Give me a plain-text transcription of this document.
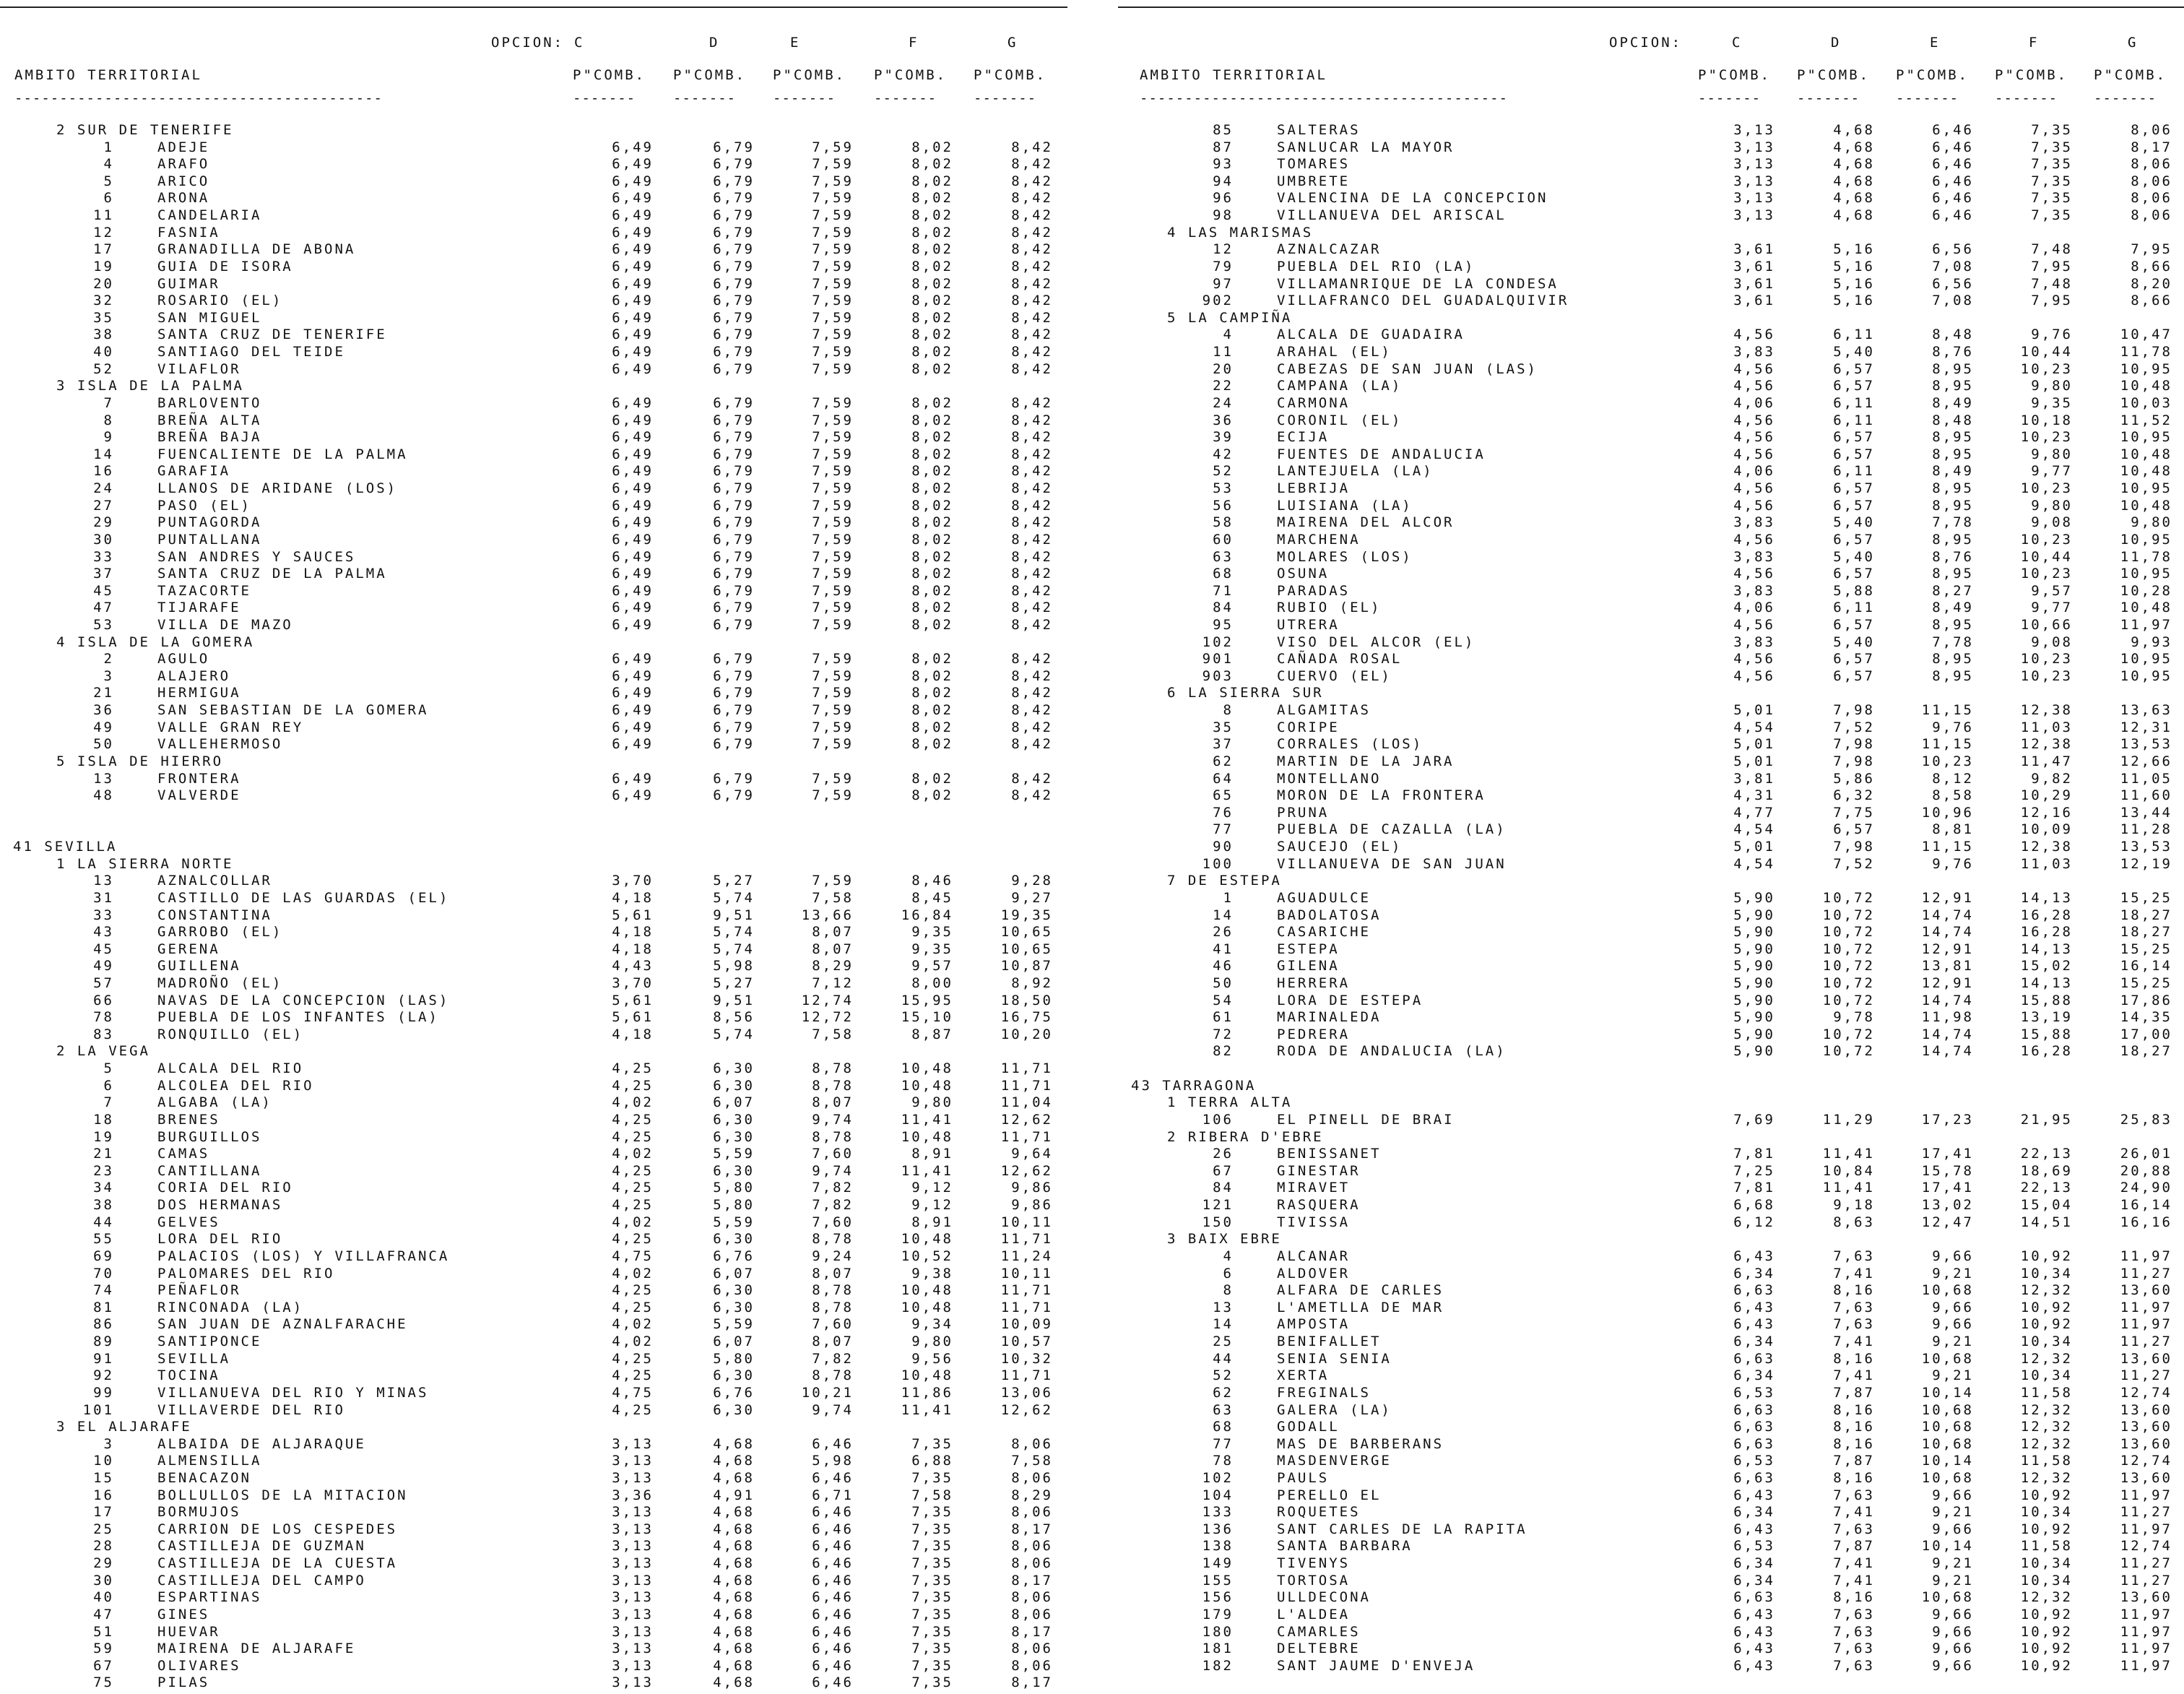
OPCION: C	D	E	F	G
AMBITO TERRITORIAL	P"COMB. P"COMB. P"COMB. P"COMB. P"COMB.
-----------------------------------------	-------	-------	-------	-------	-------
2 SUR DE TENERIFE
1	ADEJE	6,49	6,79	7,59	8,02	8,42
4	ARAFO	6,49	6,79	7,59	8,02	8,42
5	ARICO	6,49	6,79	7,59	8,02	8,42
6	ARONA	6,49	6,79	7,59	8,02	8,42
11	CANDELARIA	6,49	6,79	7,59	8,02	8,42
12	FASNIA	6,49	6,79	7,59	8,02	8,42
17	GRANADILLA DE ABONA	6,49	6,79	7,59	8,02	8,42
19	GUIA DE ISORA	6,49	6,79	7,59	8,02	8,42
20	GUIMAR	6,49	6,79	7,59	8,02	8,42
32	ROSARIO (EL)	6,49	6,79	7,59	8,02	8,42
35	SAN MIGUEL	6,49	6,79	7,59	8,02	8,42
38	SANTA CRUZ DE TENERIFE	6,49	6,79	7,59	8,02	8,42
40	SANTIAGO DEL TEIDE	6,49	6,79	7,59	8,02	8,42
52	VILAFLOR	6,49	6,79	7,59	8,02	8,42
3 ISLA DE LA PALMA
7	BARLOVENTO	6,49	6,79	7,59	8,02	8,42
8	BREÑA ALTA	6,49	6,79	7,59	8,02	8,42
9	BREÑA BAJA	6,49	6,79	7,59	8,02	8,42
14	FUENCALIENTE DE LA PALMA	6,49	6,79	7,59	8,02	8,42
16	GARAFIA	6,49	6,79	7,59	8,02	8,42
24	LLANOS DE ARIDANE (LOS)	6,49	6,79	7,59	8,02	8,42
27	PASO (EL)	6,49	6,79	7,59	8,02	8,42
29	PUNTAGORDA	6,49	6,79	7,59	8,02	8,42
30	PUNTALLANA	6,49	6,79	7,59	8,02	8,42
33	SAN ANDRES Y SAUCES	6,49	6,79	7,59	8,02	8,42
37	SANTA CRUZ DE LA PALMA	6,49	6,79	7,59	8,02	8,42
45	TAZACORTE	6,49	6,79	7,59	8,02	8,42
47	TIJARAFE	6,49	6,79	7,59	8,02	8,42
53	VILLA DE MAZO	6,49	6,79	7,59	8,02	8,42
4 ISLA DE LA GOMERA
2	AGULO	6,49	6,79	7,59	8,02	8,42
3	ALAJERO	6,49	6,79	7,59	8,02	8,42
21	HERMIGUA	6,49	6,79	7,59	8,02	8,42
36	SAN SEBASTIAN DE LA GOMERA	6,49	6,79	7,59	8,02	8,42
49	VALLE GRAN REY	6,49	6,79	7,59	8,02	8,42
50	VALLEHERMOSO	6,49	6,79	7,59	8,02	8,42
5 ISLA DE HIERRO
13	FRONTERA	6,49	6,79	7,59	8,02	8,42
48	VALVERDE	6,49	6,79	7,59	8,02	8,42
41 SEVILLA
1 LA SIERRA NORTE
13	AZNALCOLLAR	3,70	5,27	7,59	8,46	9,28
31	CASTILLO DE LAS GUARDAS (EL)	4,18	5,74	7,58	8,45	9,27
33	CONSTANTINA	5,61	9,51	13,66	16,84	19,35
43	GARROBO (EL)	4,18	5,74	8,07	9,35	10,65
45	GERENA	4,18	5,74	8,07	9,35	10,65
49	GUILLENA	4,43	5,98	8,29	9,57	10,87
57	MADROÑO (EL)	3,70	5,27	7,12	8,00	8,92
66	NAVAS DE LA CONCEPCION (LAS)	5,61	9,51	12,74	15,95	18,50
78	PUEBLA DE LOS INFANTES (LA)	5,61	8,56	12,72	15,10	16,75
83	RONQUILLO (EL)	4,18	5,74	7,58	8,87	10,20
2 LA VEGA
5	ALCALA DEL RIO	4,25	6,30	8,78	10,48	11,71
6	ALCOLEA DEL RIO	4,25	6,30	8,78	10,48	11,71
7	ALGABA (LA)	4,02	6,07	8,07	9,80	11,04
18	BRENES	4,25	6,30	9,74	11,41	12,62
19	BURGUILLOS	4,25	6,30	8,78	10,48	11,71
21	CAMAS	4,02	5,59	7,60	8,91	9,64
23	CANTILLANA	4,25	6,30	9,74	11,41	12,62
34	CORIA DEL RIO	4,25	5,80	7,82	9,12	9,86
38	DOS HERMANAS	4,25	5,80	7,82	9,12	9,86
44	GELVES	4,02	5,59	7,60	8,91	10,11
55	LORA DEL RIO	4,25	6,30	8,78	10,48	11,71
69	PALACIOS (LOS) Y VILLAFRANCA	4,75	6,76	9,24	10,52	11,24
70	PALOMARES DEL RIO	4,02	6,07	8,07	9,38	10,11
74	PEÑAFLOR	4,25	6,30	8,78	10,48	11,71
81	RINCONADA (LA)	4,25	6,30	8,78	10,48	11,71
86	SAN JUAN DE AZNALFARACHE	4,02	5,59	7,60	9,34	10,09
89	SANTIPONCE	4,02	6,07	8,07	9,80	10,57
91	SEVILLA	4,25	5,80	7,82	9,56	10,32
92	TOCINA	4,25	6,30	8,78	10,48	11,71
99	VILLANUEVA DEL RIO Y MINAS	4,75	6,76	10,21	11,86	13,06
101	VILLAVERDE DEL RIO	4,25	6,30	9,74	11,41	12,62
3 EL ALJARAFE
3	ALBAIDA DE ALJARAQUE	3,13	4,68	6,46	7,35	8,06
10	ALMENSILLA	3,13	4,68	5,98	6,88	7,58
15	BENACAZON	3,13	4,68	6,46	7,35	8,06
16	BOLLULLOS DE LA MITACION	3,36	4,91	6,71	7,58	8,29
17	BORMUJOS	3,13	4,68	6,46	7,35	8,06
25	CARRION DE LOS CESPEDES	3,13	4,68	6,46	7,35	8,17
28	CASTILLEJA DE GUZMAN	3,13	4,68	6,46	7,35	8,06
29	CASTILLEJA DE LA CUESTA	3,13	4,68	6,46	7,35	8,06
30	CASTILLEJA DEL CAMPO	3,13	4,68	6,46	7,35	8,17
40	ESPARTINAS	3,13	4,68	6,46	7,35	8,06
47	GINES	3,13	4,68	6,46	7,35	8,06
51	HUEVAR	3,13	4,68	6,46	7,35	8,17
59	MAIRENA DE ALJARAFE	3,13	4,68	6,46	7,35	8,06
67	OLIVARES	3,13	4,68	6,46	7,35	8,06
75	PILAS	3,13	4,68	6,46	7,35	8,17
OPCION:	C	D	E	F	G
AMBITO TERRITORIAL	P"COMB. P"COMB. P"COMB. P"COMB. P"COMB.
-----------------------------------------	-------	-------	-------	-------	-------
85	SALTERAS	3,13	4,68	6,46	7,35	8,06
87	SANLUCAR LA MAYOR	3,13	4,68	6,46	7,35	8,17
93	TOMARES	3,13	4,68	6,46	7,35	8,06
94	UMBRETE	3,13	4,68	6,46	7,35	8,06
96	VALENCINA DE LA CONCEPCION	3,13	4,68	6,46	7,35	8,06
98	VILLANUEVA DEL ARISCAL	3,13	4,68	6,46	7,35	8,06
4 LAS MARISMAS
12	AZNALCAZAR	3,61	5,16	6,56	7,48	7,95
79	PUEBLA DEL RIO (LA)	3,61	5,16	7,08	7,95	8,66
97	VILLAMANRIQUE DE LA CONDESA	3,61	5,16	6,56	7,48	8,20
902	VILLAFRANCO DEL GUADALQUIVIR	3,61	5,16	7,08	7,95	8,66
5 LA CAMPIÑA
4	ALCALA DE GUADAIRA	4,56	6,11	8,48	9,76	10,47
11	ARAHAL (EL)	3,83	5,40	8,76	10,44	11,78
20	CABEZAS DE SAN JUAN (LAS)	4,56	6,57	8,95	10,23	10,95
22	CAMPANA (LA)	4,56	6,57	8,95	9,80	10,48
24	CARMONA	4,06	6,11	8,49	9,35	10,03
36	CORONIL (EL)	4,56	6,11	8,48	10,18	11,52
39	ECIJA	4,56	6,57	8,95	10,23	10,95
42	FUENTES DE ANDALUCIA	4,56	6,57	8,95	9,80	10,48
52	LANTEJUELA (LA)	4,06	6,11	8,49	9,77	10,48
53	LEBRIJA	4,56	6,57	8,95	10,23	10,95
56	LUISIANA (LA)	4,56	6,57	8,95	9,80	10,48
58	MAIRENA DEL ALCOR	3,83	5,40	7,78	9,08	9,80
60	MARCHENA	4,56	6,57	8,95	10,23	10,95
63	MOLARES (LOS)	3,83	5,40	8,76	10,44	11,78
68	OSUNA	4,56	6,57	8,95	10,23	10,95
71	PARADAS	3,83	5,88	8,27	9,57	10,28
84	RUBIO (EL)	4,06	6,11	8,49	9,77	10,48
95	UTRERA	4,56	6,57	8,95	10,66	11,97
102	VISO DEL ALCOR (EL)	3,83	5,40	7,78	9,08	9,93
901	CAÑADA ROSAL	4,56	6,57	8,95	10,23	10,95
903	CUERVO (EL)	4,56	6,57	8,95	10,23	10,95
6 LA SIERRA SUR
8	ALGAMITAS	5,01	7,98	11,15	12,38	13,63
35	CORIPE	4,54	7,52	9,76	11,03	12,31
37	CORRALES (LOS)	5,01	7,98	11,15	12,38	13,53
62	MARTIN DE LA JARA	5,01	7,98	10,23	11,47	12,66
64	MONTELLANO	3,81	5,86	8,12	9,82	11,05
65	MORON DE LA FRONTERA	4,31	6,32	8,58	10,29	11,60
76	PRUNA	4,77	7,75	10,96	12,16	13,44
77	PUEBLA DE CAZALLA (LA)	4,54	6,57	8,81	10,09	11,28
90	SAUCEJO (EL)	5,01	7,98	11,15	12,38	13,53
100	VILLANUEVA DE SAN JUAN	4,54	7,52	9,76	11,03	12,19
7 DE ESTEPA
1	AGUADULCE	5,90	10,72	12,91	14,13	15,25
14	BADOLATOSA	5,90	10,72	14,74	16,28	18,27
26	CASARICHE	5,90	10,72	14,74	16,28	18,27
41	ESTEPA	5,90	10,72	12,91	14,13	15,25
46	GILENA	5,90	10,72	13,81	15,02	16,14
50	HERRERA	5,90	10,72	12,91	14,13	15,25
54	LORA DE ESTEPA	5,90	10,72	14,74	15,88	17,86
61	MARINALEDA	5,90	9,78	11,98	13,19	14,35
72	PEDRERA	5,90	10,72	14,74	15,88	17,00
82	RODA DE ANDALUCIA (LA)	5,90	10,72	14,74	16,28	18,27
43 TARRAGONA
1 TERRA ALTA
106	EL PINELL DE BRAI	7,69	11,29	17,23	21,95	25,83
2 RIBERA D'EBRE
26	BENISSANET	7,81	11,41	17,41	22,13	26,01
67	GINESTAR	7,25	10,84	15,78	18,69	20,88
84	MIRAVET	7,81	11,41	17,41	22,13	24,90
121	RASQUERA	6,68	9,18	13,02	15,04	16,14
150	TIVISSA	6,12	8,63	12,47	14,51	16,16
3 BAIX EBRE
4	ALCANAR	6,43	7,63	9,66	10,92	11,97
6	ALDOVER	6,34	7,41	9,21	10,34	11,27
8	ALFARA DE CARLES	6,63	8,16	10,68	12,32	13,60
13	L'AMETLLA DE MAR	6,43	7,63	9,66	10,92	11,97
14	AMPOSTA	6,43	7,63	9,66	10,92	11,97
25	BENIFALLET	6,34	7,41	9,21	10,34	11,27
44	SENIA SENIA	6,63	8,16	10,68	12,32	13,60
52	XERTA	6,34	7,41	9,21	10,34	11,27
62	FREGINALS	6,53	7,87	10,14	11,58	12,74
63	GALERA (LA)	6,63	8,16	10,68	12,32	13,60
68	GODALL	6,63	8,16	10,68	12,32	13,60
77	MAS DE BARBERANS	6,63	8,16	10,68	12,32	13,60
78	MASDENVERGE	6,53	7,87	10,14	11,58	12,74
102	PAULS	6,63	8,16	10,68	12,32	13,60
104	PERELLO EL	6,43	7,63	9,66	10,92	11,97
133	ROQUETES	6,34	7,41	9,21	10,34	11,27
136	SANT CARLES DE LA RAPITA	6,43	7,63	9,66	10,92	11,97
138	SANTA BARBARA	6,53	7,87	10,14	11,58	12,74
149	TIVENYS	6,34	7,41	9,21	10,34	11,27
155	TORTOSA	6,34	7,41	9,21	10,34	11,27
156	ULLDECONA	6,63	8,16	10,68	12,32	13,60
179	L'ALDEA	6,43	7,63	9,66	10,92	11,97
180	CAMARLES	6,43	7,63	9,66	10,92	11,97
181	DELTEBRE	6,43	7,63	9,66	10,92	11,97
182	SANT JAUME D'ENVEJA	6,43	7,63	9,66	10,92	11,97
